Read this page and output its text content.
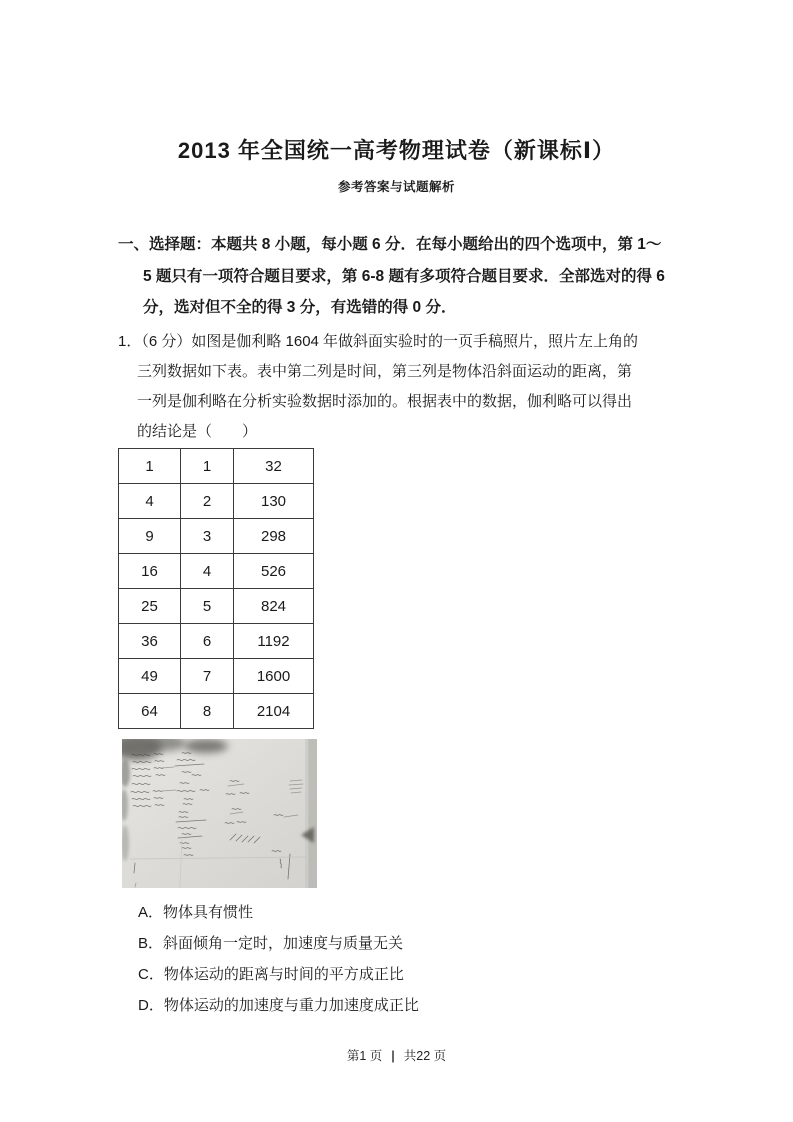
2013 年全国统一高考物理试卷（新课标Ⅰ）
参考答案与试题解析
一、选择题：本题共 8 小题，每小题 6 分．在每小题给出的四个选项中，第 1～
5 题只有一项符合题目要求，第 6-8 题有多项符合题目要求．全部选对的得 6
分，选对但不全的得 3 分，有选错的得 0 分．
1．（6 分）如图是伽利略 1604 年做斜面实验时的一页手稿照片，照片左上角的
三列数据如下表。表中第二列是时间，第三列是物体沿斜面运动的距离，第
一列是伽利略在分析实验数据时添加的。根据表中的数据，伽利略可以得出
的结论是（　　）
1	1	32
4	2	130
9	3	298
16	4	526
25	5	824
36	6	1192
49	7	1600
64	8	2104
A．物体具有惯性
B．斜面倾角一定时，加速度与质量无关
C．物体运动的距离与时间的平方成正比
D．物体运动的加速度与重力加速度成正比
第1 页 | 共22 页
